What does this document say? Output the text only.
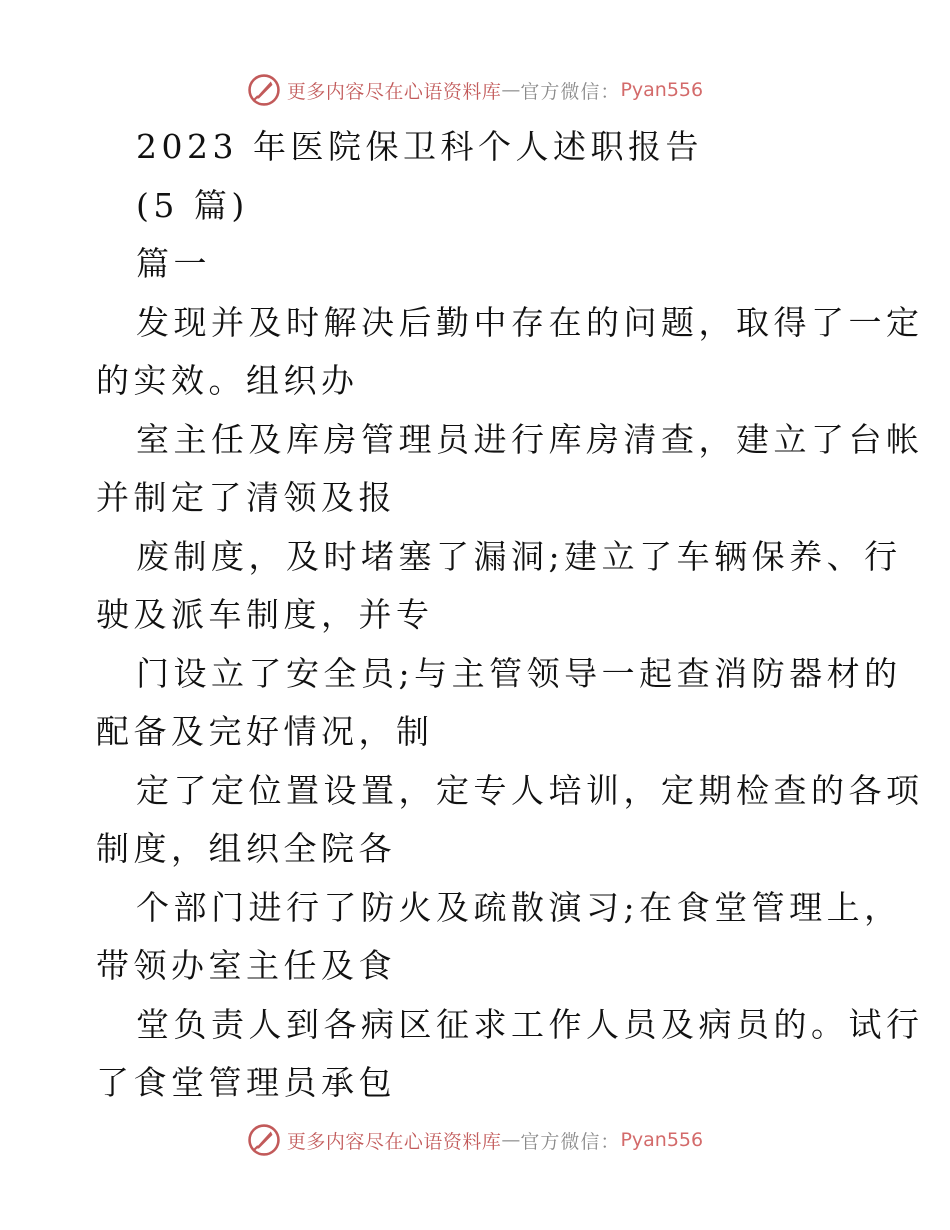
更多内容尽在心语资料库 — 官方微信： Pyan556
2023 年医院保卫科个人述职报告
(5 篇)
篇一
发现并及时解决后勤中存在的问题，取得了一定
的实效。组织办
室主任及库房管理员进行库房清查，建立了台帐
并制定了清领及报
废制度，及时堵塞了漏洞;建立了车辆保养、行
驶及派车制度，并专
门设立了安全员;与主管领导一起查消防器材的
配备及完好情况，制
定了定位置设置，定专人培训，定期检查的各项
制度，组织全院各
个部门进行了防火及疏散演习;在食堂管理上，
带领办室主任及食
堂负责人到各病区征求工作人员及病员的。试行
了食堂管理员承包
更多内容尽在心语资料库 — 官方微信： Pyan556
